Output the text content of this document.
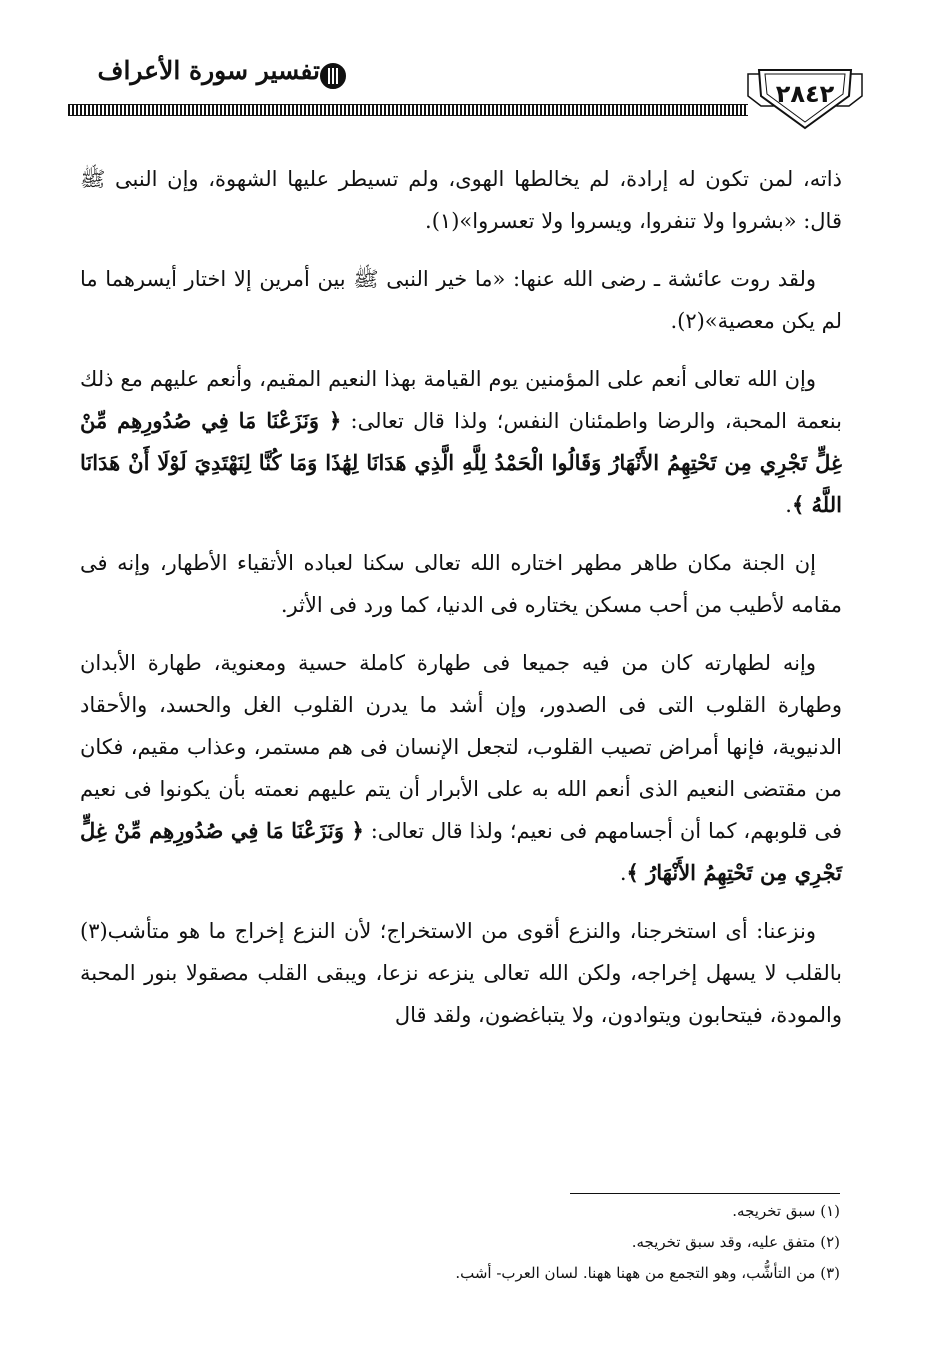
تفسير سورة الأعراف
٢٨٤٢

ذاته، لمن تكون له إرادة، لم يخالطها الهوى، ولم تسيطر عليها الشهوة، وإن النبى ﷺ قال: «بشروا ولا تنفروا، ويسروا ولا تعسروا»(١).

ولقد روت عائشة ـ رضى الله عنها: «ما خير النبى ﷺ بين أمرين إلا اختار أيسرهما ما لم يكن معصية»(٢).

وإن الله تعالى أنعم على المؤمنين يوم القيامة بهذا النعيم المقيم، وأنعم عليهم مع ذلك بنعمة المحبة، والرضا واطمئنان النفس؛ ولذا قال تعالى: ﴿ وَنَزَعْنَا مَا فِي صُدُورِهِم مِّنْ غِلٍّ تَجْرِي مِن تَحْتِهِمُ الأَنْهَارُ وَقَالُوا الْحَمْدُ لِلَّهِ الَّذِي هَدَانَا لِهَٰذَا وَمَا كُنَّا لِنَهْتَدِيَ لَوْلَا أَنْ هَدَانَا اللَّهُ ﴾.

إن الجنة مكان طاهر مطهر اختاره الله تعالى سكنا لعباده الأتقياء الأطهار، وإنه فى مقامه لأطيب من أحب مسكن يختاره فى الدنيا، كما ورد فى الأثر.

وإنه لطهارته كان من فيه جميعا فى طهارة كاملة حسية ومعنوية، طهارة الأبدان وطهارة القلوب التى فى الصدور، وإن أشد ما يدرن القلوب الغل والحسد، والأحقاد الدنيوية، فإنها أمراض تصيب القلوب، لتجعل الإنسان فى هم مستمر، وعذاب مقيم، فكان من مقتضى النعيم الذى أنعم الله به على الأبرار أن يتم عليهم نعمته بأن يكونوا فى نعيم فى قلوبهم، كما أن أجسامهم فى نعيم؛ ولذا قال تعالى: ﴿ وَنَزَعْنَا مَا فِي صُدُورِهِم مِّنْ غِلٍّ تَجْرِي مِن تَحْتِهِمُ الأَنْهَارُ ﴾.

ونزعنا: أى استخرجنا، والنزع أقوى من الاستخراج؛ لأن النزع إخراج ما هو متأشب(٣) بالقلب لا يسهل إخراجه، ولكن الله تعالى ينزعه نزعا، ويبقى القلب مصقولا بنور المحبة والمودة، فيتحابون ويتوادون، ولا يتباغضون، ولقد قال

(١) سبق تخريجه.

(٢) متفق عليه، وقد سبق تخريجه.

(٣) من التأشُّب، وهو التجمع من ههنا ههنا. لسان العرب- أشب.
